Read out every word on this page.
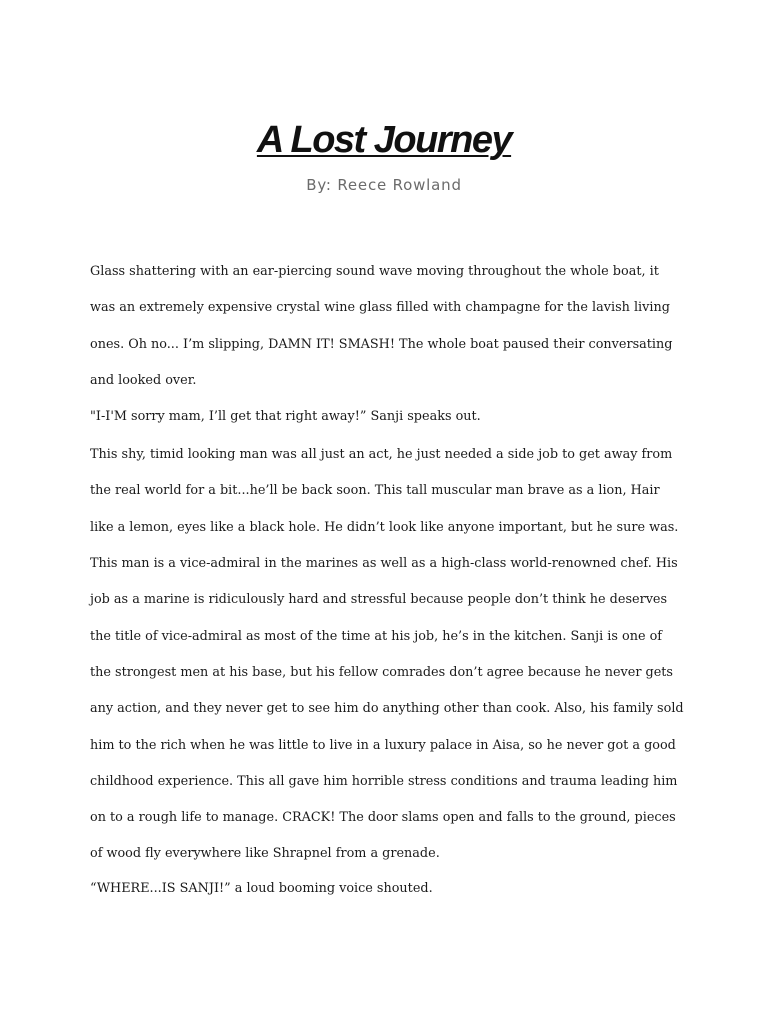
A Lost Journey
By: Reece Rowland

Glass shattering with an ear-piercing sound wave moving throughout the whole boat, it was an extremely expensive crystal wine glass filled with champagne for the lavish living ones. Oh no... I’m slipping, DAMN IT! SMASH! The whole boat paused their conversating and looked over.

"I-I'M sorry mam, I’ll get that right away!” Sanji speaks out.

This shy, timid looking man was all just an act, he just needed a side job to get away from the real world for a bit...he’ll be back soon. This tall muscular man brave as a lion, Hair like a lemon, eyes like a black hole. He didn’t look like anyone important, but he sure was. This man is a vice-admiral in the marines as well as a high-class world-renowned chef. His job as a marine is ridiculously hard and stressful because people don’t think he deserves the title of vice-admiral as most of the time at his job, he’s in the kitchen. Sanji is one of the strongest men at his base, but his fellow comrades don’t agree because he never gets any action, and they never get to see him do anything other than cook. Also, his family sold him to the rich when he was little to live in a luxury palace in Aisa, so he never got a good childhood experience. This all gave him horrible stress conditions and trauma leading him on to a rough life to manage. CRACK! The door slams open and falls to the ground, pieces of wood fly everywhere like Shrapnel from a grenade.

“WHERE...IS SANJI!” a loud booming voice shouted.
